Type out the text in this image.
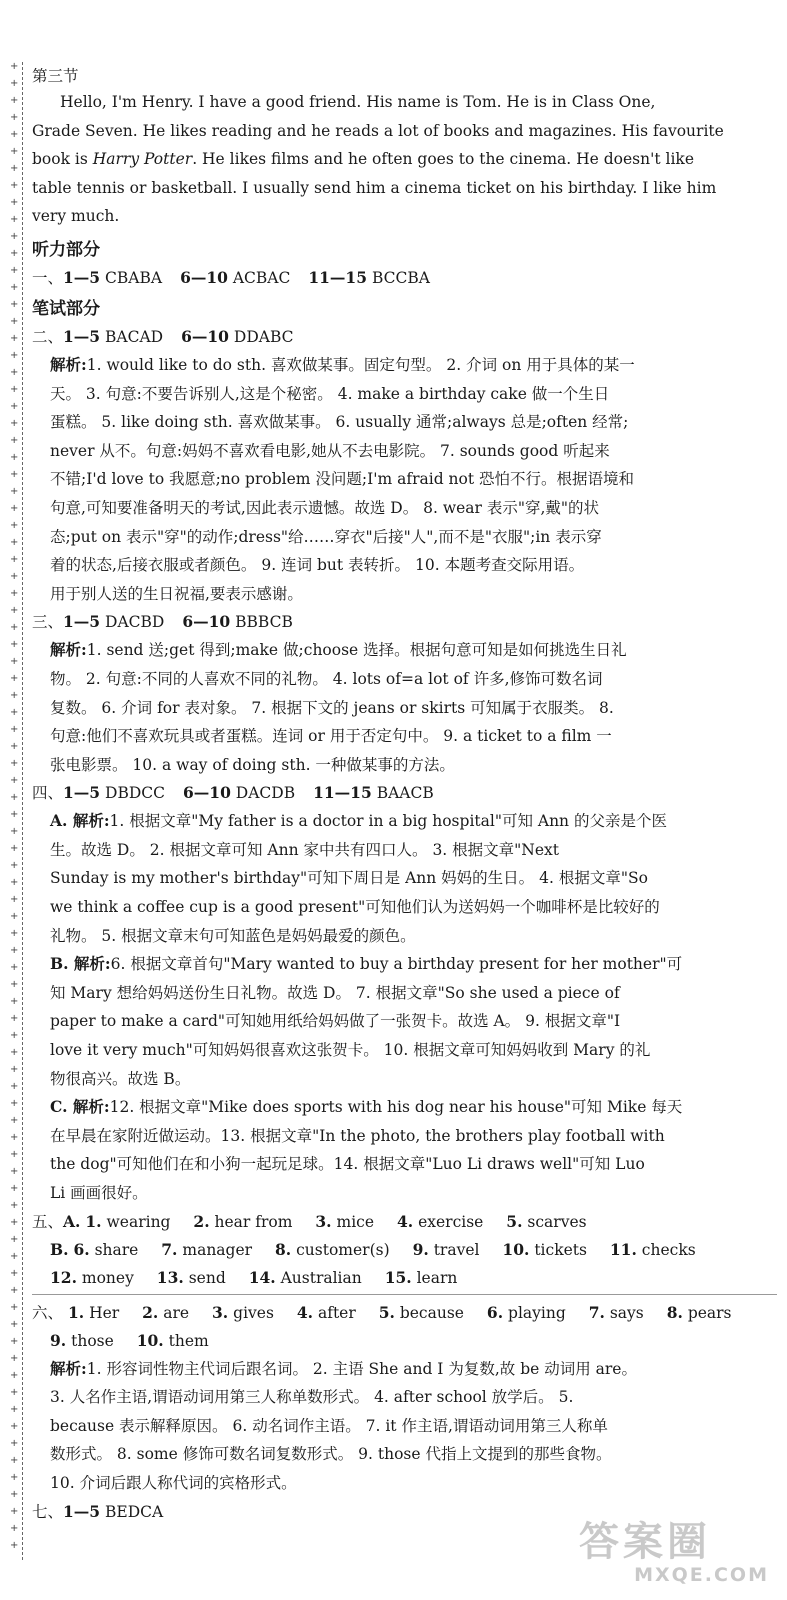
+
+
+
+
+
+
+
+
+
+
+
+
+
+
+
+
+
+
+
+
+
+
+
+
+
+
+
+
+
+
+
+
+
+
+
+
+
+
+
+
+
+
+
+
+
+
+
+
+
+
+
+
+
+
+
+
+
+
+
+
+
+
+
+
+
+
+
+
+
+
+
+
+
+
+
+
+
+
+
+
+
+
+
+
+
+
+
+

第三节

Hello, I'm Henry. I have a good friend. His name is Tom. He is in Class One,

Grade Seven. He likes reading and he reads a lot of books and magazines. His favourite

book is Harry Potter. He likes films and he often goes to the cinema. He doesn't like

table tennis or basketball. I usually send him a cinema ticket on his birthday. I like him

very much.

听力部分

一、1—5 CBABA 6—10 ACBAC 11—15 BCCBA

笔试部分

二、1—5 BACAD 6—10 DDABC

解析:1. would like to do sth. 喜欢做某事。固定句型。 2. 介词 on 用于具体的某一

天。 3. 句意:不要告诉别人,这是个秘密。 4. make a birthday cake 做一个生日

蛋糕。 5. like doing sth. 喜欢做某事。 6. usually 通常;always 总是;often 经常;

never 从不。句意:妈妈不喜欢看电影,她从不去电影院。 7. sounds good 听起来

不错;I'd love to 我愿意;no problem 没问题;I'm afraid not 恐怕不行。根据语境和

句意,可知要准备明天的考试,因此表示遗憾。故选 D。 8. wear 表示"穿,戴"的状

态;put on 表示"穿"的动作;dress"给……穿衣"后接"人",而不是"衣服";in 表示穿

着的状态,后接衣服或者颜色。 9. 连词 but 表转折。 10. 本题考查交际用语。

用于别人送的生日祝福,要表示感谢。

三、1—5 DACBD 6—10 BBBCB

解析:1. send 送;get 得到;make 做;choose 选择。根据句意可知是如何挑选生日礼

物。 2. 句意:不同的人喜欢不同的礼物。 4. lots of=a lot of 许多,修饰可数名词

复数。 6. 介词 for 表对象。 7. 根据下文的 jeans or skirts 可知属于衣服类。 8.

句意:他们不喜欢玩具或者蛋糕。连词 or 用于否定句中。 9. a ticket to a film 一

张电影票。 10. a way of doing sth. 一种做某事的方法。

四、1—5 DBDCC 6—10 DACDB 11—15 BAACB

A. 解析:1. 根据文章"My father is a doctor in a big hospital"可知 Ann 的父亲是个医

生。故选 D。 2. 根据文章可知 Ann 家中共有四口人。 3. 根据文章"Next

Sunday is my mother's birthday"可知下周日是 Ann 妈妈的生日。 4. 根据文章"So

we think a coffee cup is a good present"可知他们认为送妈妈一个咖啡杯是比较好的

礼物。 5. 根据文章末句可知蓝色是妈妈最爱的颜色。

B. 解析:6. 根据文章首句"Mary wanted to buy a birthday present for her mother"可

知 Mary 想给妈妈送份生日礼物。故选 D。 7. 根据文章"So she used a piece of

paper to make a card"可知她用纸给妈妈做了一张贺卡。故选 A。 9. 根据文章"I

love it very much"可知妈妈很喜欢这张贺卡。 10. 根据文章可知妈妈收到 Mary 的礼

物很高兴。故选 B。

C. 解析:12. 根据文章"Mike does sports with his dog near his house"可知 Mike 每天

在早晨在家附近做运动。13. 根据文章"In the photo, the brothers play football with

the dog"可知他们在和小狗一起玩足球。14. 根据文章"Luo Li draws well"可知 Luo

Li 画画很好。

五、A. 1. wearing 2. hear from 3. mice 4. exercise 5. scarves

B. 6. share 7. manager 8. customer(s) 9. travel 10. tickets 11. checks

12. money 13. send 14. Australian 15. learn

六、 1. Her 2. are 3. gives 4. after 5. because 6. playing 7. says 8. pears

9. those 10. them

解析:1. 形容词性物主代词后跟名词。 2. 主语 She and I 为复数,故 be 动词用 are。

3. 人名作主语,谓语动词用第三人称单数形式。 4. after school 放学后。 5.

because 表示解释原因。 6. 动名词作主语。 7. it 作主语,谓语动词用第三人称单

数形式。 8. some 修饰可数名词复数形式。 9. those 代指上文提到的那些食物。

10. 介词后跟人称代词的宾格形式。

七、1—5 BEDCA

答案圈
MXQE.COM
